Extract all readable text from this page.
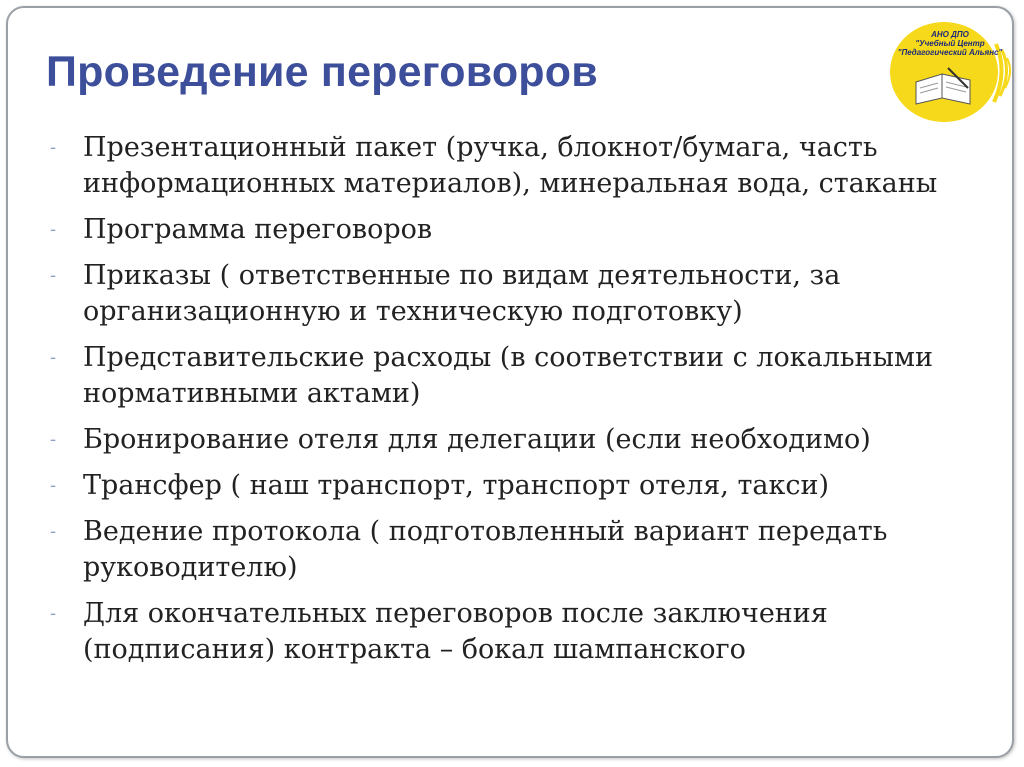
АНО ДПО
"Учебный Центр
"Педагогический Альянс"
Проведение переговоров
- Презентационный пакет (ручка, блокнот/бумага, часть информационных материалов), минеральная вода, стаканы
- Программа переговоров
- Приказы ( ответственные по видам деятельности, за организационную и техническую подготовку)
- Представительские расходы (в соответствии с локальными нормативными актами)
- Бронирование отеля для делегации (если необходимо)
- Трансфер ( наш транспорт, транспорт отеля, такси)
- Ведение протокола ( подготовленный вариант передать руководителю)
- Для окончательных переговоров после заключения (подписания) контракта – бокал шампанского
